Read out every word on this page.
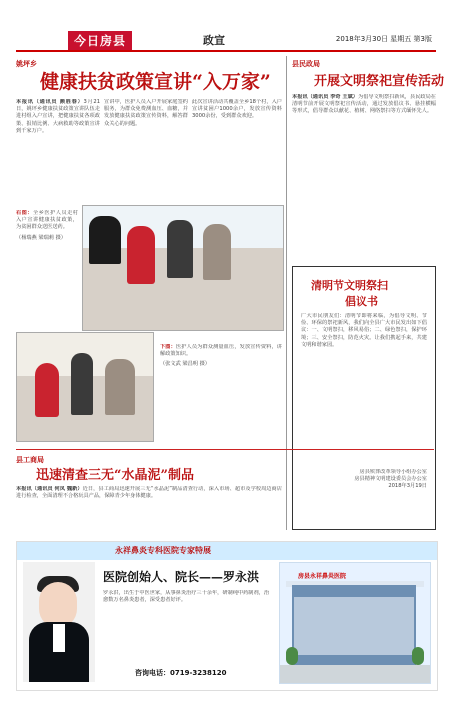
今日房县	政宣	2018年3月30日 星期五 第3版
姚坪乡
健康扶贫政策宣讲“入万家”
本报讯（通讯员 颜胜春）3月21日，姚坪乡健康扶贫政策宣讲队伍走进村组入户宣讲，把健康扶贫各项政策、报销比例、大病救助等政策宣讲到千家万户。
宣讲中，医护人员入户开展家庭签约服务，为群众免费测血压、血糖，并发放健康扶贫政策宣传资料，解答群众关心的问题。
此次宣讲活动共覆盖全乡18个村，入户宣讲贫困户1000余户，发放宣传资料3000余份，受到群众欢迎。
右图：全乡医护人员走村入户宣讲健康扶贫政策，为贫困群众送医送药。
（杨瑞燕 梁瑞莉 摄）
下图：医护人员为群众测量血压，发放宣传资料，讲解政策知识。
（张文武 梁昌明 摄）
县民政局
开展文明祭祀宣传活动
本报讯（通讯员 李奇 王斌）为倡导文明祭扫新风，县民政局在清明节前开展文明祭祀宣传活动，通过发放倡议书、悬挂横幅等形式，倡导群众以献花、植树、网络祭扫等方式缅怀先人。
清明节文明祭扫
倡议书
广大市民朋友们：清明节即将来临，为倡导文明、节俭、环保的祭祀新风，我们向全县广大市民发出如下倡议：一、文明祭扫，移风易俗；二、绿色祭扫，保护环境；三、安全祭扫，防范火灾。让我们携起手来，共建文明和谐家园。
房县殡葬改革领导小组办公室
房县精神文明建设委员会办公室
2018年3月19日
县工商局
迅速清查三无“水晶泥”制品
本报讯（通讯员 何凤 魏新）近日，县工商局迅速开展三无“水晶泥”制品清查行动，深入市场、超市及学校周边商店进行检查，全面清理不合格玩具产品，保障青少年身体健康。
永祥鼻炎专科医院专家特展
医院创始人、院长——罗永洪
罗永洪，出生于中医世家，从事鼻炎治疗三十余年，研制纯中药制剂，治愈数万名鼻炎患者，深受患者好评。
咨询电话：0719-3238120
房县永祥鼻炎医院
